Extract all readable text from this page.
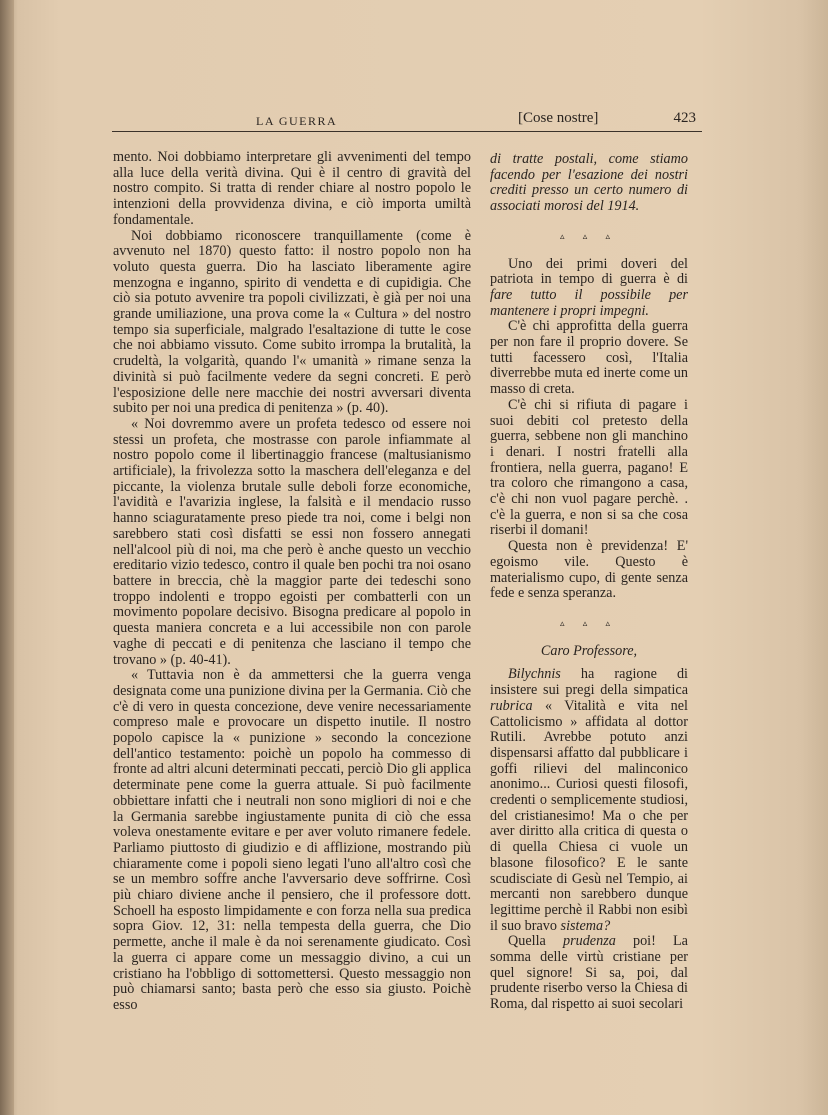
LA GUERRA	[Cose nostre]	423

mento. Noi dobbiamo interpretare gli avvenimenti del tempo alla luce della verità divina. Qui è il centro di gravità del nostro compito. Si tratta di render chiare al nostro popolo le intenzioni della provvidenza divina, e ciò importa umiltà fondamentale.

Noi dobbiamo riconoscere tranquillamente (come è avvenuto nel 1870) questo fatto: il nostro popolo non ha voluto questa guerra. Dio ha lasciato liberamente agire menzogna e inganno, spirito di vendetta e di cupidigia. Che ciò sia potuto avvenire tra popoli civilizzati, è già per noi una grande umiliazione, una prova come la « Cultura » del nostro tempo sia superficiale, malgrado l'esaltazione di tutte le cose che noi abbiamo vissuto. Come subito irrompa la brutalità, la crudeltà, la volgarità, quando l'« umanità » rimane senza la divinità si può facilmente vedere da segni concreti. E però l'esposizione delle nere macchie dei nostri avversari diventa subito per noi una predica di penitenza » (p. 40).

« Noi dovremmo avere un profeta tedesco od essere noi stessi un profeta, che mostrasse con parole infiammate al nostro popolo come il libertinaggio francese (maltusianismo artificiale), la frivolezza sotto la maschera dell'eleganza e del piccante, la violenza brutale sulle deboli forze economiche, l'avidità e l'avarizia inglese, la falsità e il mendacio russo hanno sciaguratamente preso piede tra noi, come i belgi non sarebbero stati così disfatti se essi non fossero annegati nell'alcool più di noi, ma che però è anche questo un vecchio ereditario vizio tedesco, contro il quale ben pochi tra noi osano battere in breccia, chè la maggior parte dei tedeschi sono troppo indolenti e troppo egoisti per combatterli con un movimento popolare decisivo. Bisogna predicare al popolo in questa maniera concreta e a lui accessibile non con parole vaghe di peccati e di penitenza che lasciano il tempo che trovano » (p. 40-41).

« Tuttavia non è da ammettersi che la guerra venga designata come una punizione divina per la Germania. Ciò che c'è di vero in questa concezione, deve venire necessariamente compreso male e provocare un dispetto inutile. Il nostro popolo capisce la « punizione » secondo la concezione dell'antico testamento: poichè un popolo ha commesso di fronte ad altri alcuni determinati peccati, perciò Dio gli applica determinate pene come la guerra attuale. Si può facilmente obbiettare infatti che i neutrali non sono migliori di noi e che la Germania sarebbe ingiustamente punita di ciò che essa voleva onestamente evitare e per aver voluto rimanere fedele. Parliamo piuttosto di giudizio e di afflizione, mostrando più chiaramente come i popoli sieno legati l'uno all'altro così che se un membro soffre anche l'avversario deve soffrirne. Così più chiaro diviene anche il pensiero, che il professore dott. Schoell ha esposto limpidamente e con forza nella sua predica sopra Giov. 12, 31: nella tempesta della guerra, che Dio permette, anche il male è da noi serenamente giudicato. Così la guerra ci appare come un messaggio divino, a cui un cristiano ha l'obbligo di sottomettersi. Questo messaggio non può chiamarsi santo; basta però che esso sia giusto. Poichè esso

di tratte postali, come stiamo facendo per l'esazione dei nostri crediti presso un certo numero di associati morosi del 1914.

▵ ▵ ▵

Uno dei primi doveri del patriota in tempo di guerra è di fare tutto il possibile per mantenere i propri impegni.

C'è chi approfitta della guerra per non fare il proprio dovere. Se tutti facessero così, l'Italia diverrebbe muta ed inerte come un masso di creta.

C'è chi si rifiuta di pagare i suoi debiti col pretesto della guerra, sebbene non gli manchino i denari. I nostri fratelli alla frontiera, nella guerra, pagano! E tra coloro che rimangono a casa, c'è chi non vuol pagare perchè. . c'è la guerra, e non si sa che cosa riserbi il domani!

Questa non è previdenza! E' egoismo vile. Questo è materialismo cupo, di gente senza fede e senza speranza.

▵ ▵ ▵
Caro Professore,

Bilychnis ha ragione di insistere sui pregi della simpatica rubrica « Vitalità e vita nel Cattolicismo » affidata al dottor Rutili. Avrebbe potuto anzi dispensarsi affatto dal pubblicare i goffi rilievi del malinconico anonimo... Curiosi questi filosofi, credenti o semplicemente studiosi, del cristianesimo! Ma o che per aver diritto alla critica di questa o di quella Chiesa ci vuole un blasone filosofico? E le sante scudisciate di Gesù nel Tempio, ai mercanti non sarebbero dunque legittime perchè il Rabbi non esibì il suo bravo sistema?

Quella prudenza poi! La somma delle virtù cristiane per quel signore! Si sa, poi, dal prudente riserbo verso la Chiesa di Roma, dal rispetto ai suoi secolari
